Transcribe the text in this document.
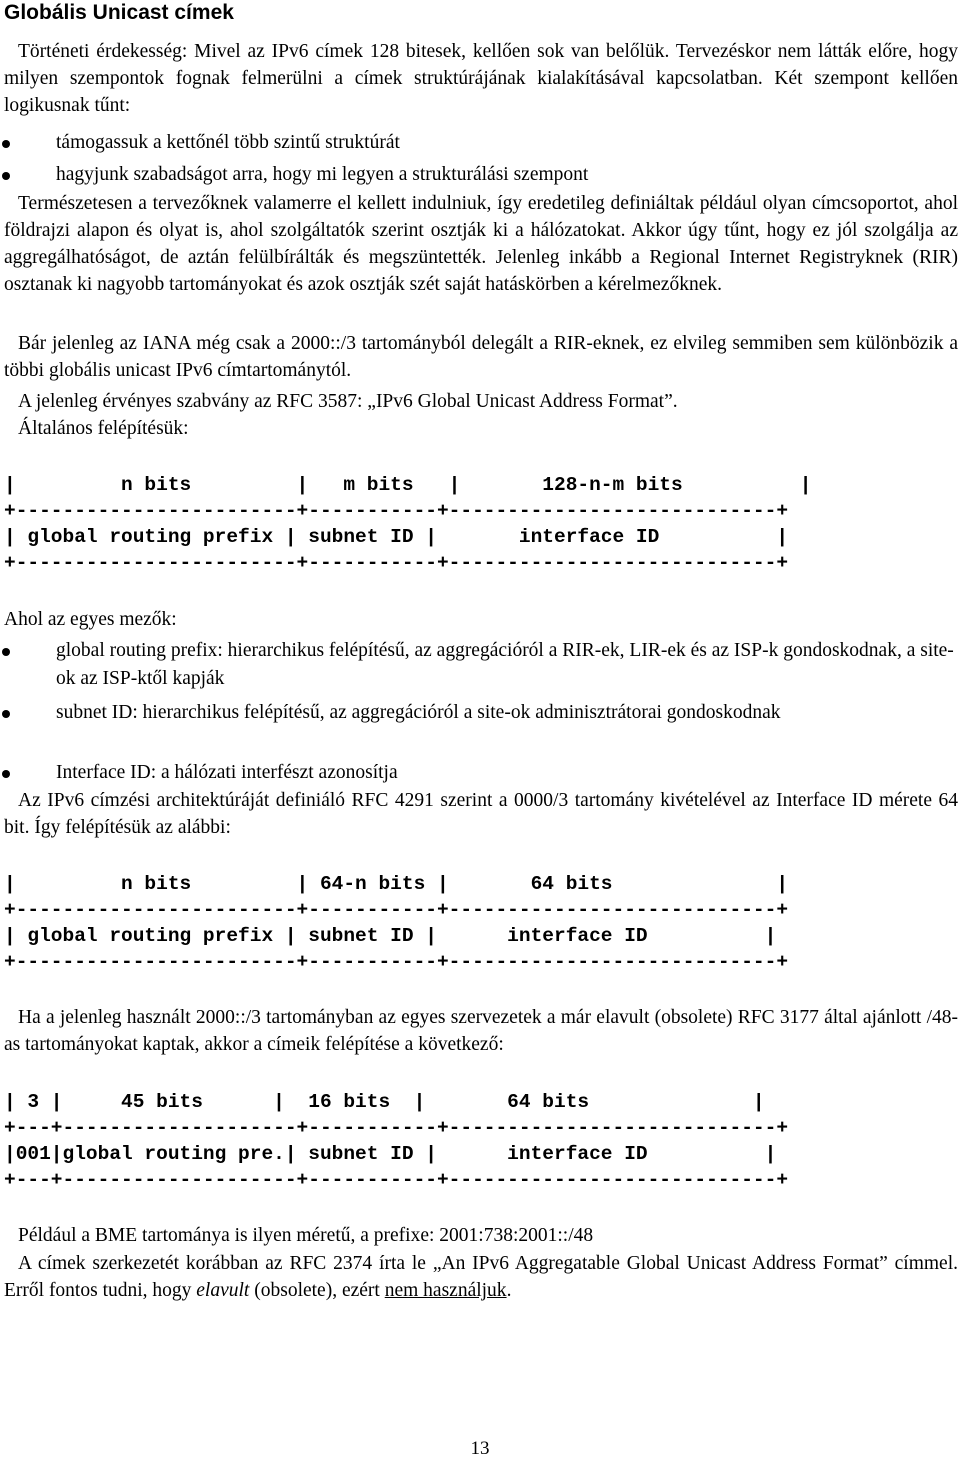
Globális Unicast címek

Történeti érdekesség: Mivel az IPv6 címek 128 bitesek, kellően sok van belőlük. Tervezéskor nem látták előre, hogy milyen szempontok fognak felmerülni a címek struktúrájának kialakításával kapcsolatban. Két szempont kellően logikusnak tűnt:

támogassuk a kettőnél több szintű struktúrát
hagyjunk szabadságot arra, hogy mi legyen a strukturálási szempont

Természetesen a tervezőknek valamerre el kellett indulniuk, így eredetileg definiáltak például olyan címcsoportot, ahol földrajzi alapon és olyat is, ahol szolgáltatók szerint osztják ki a hálózatokat. Akkor úgy tűnt, hogy ez jól szolgálja az aggregálhatóságot, de aztán felülbírálták és megszüntették. Jelenleg inkább a Regional Internet Registryknek (RIR) osztanak ki nagyobb tartományokat és azok osztják szét saját hatáskörben a kérelmezőknek.

Bár jelenleg az IANA még csak a 2000::/3 tartományból delegált a RIR-eknek, ez elvileg semmiben sem különbözik a többi globális unicast IPv6 címtartománytól.

A jelenleg érvényes szabvány az RFC 3587: „IPv6 Global Unicast Address Format”.

Általános felépítésük:

|         n bits         |   m bits   |       128-n-m bits          |
+------------------------+-----------+----------------------------+
| global routing prefix | subnet ID |       interface ID          |
+------------------------+-----------+----------------------------+

Ahol az egyes mezők:

global routing prefix: hierarchikus felépítésű, az aggregációról a RIR-ek, LIR-ek és az ISP-k gondoskodnak, a site-ok az ISP-ktől kapják
subnet ID: hierarchikus felépítésű, az aggregációról a site-ok adminisztrátorai gondoskodnak
Interface ID: a hálózati interfészt azonosítja

Az IPv6 címzési architektúráját definiáló RFC 4291 szerint a 0000/3 tartomány kivételével az Interface ID mérete 64 bit. Így felépítésük az alábbi:

|         n bits         | 64-n bits |       64 bits              |
+------------------------+-----------+----------------------------+
| global routing prefix | subnet ID |      interface ID          |
+------------------------+-----------+----------------------------+

Ha a jelenleg használt 2000::/3 tartományban az egyes szervezetek a már elavult (obsolete) RFC 3177 által ajánlott /48-as tartományokat kaptak, akkor a címeik felépítése a következő:

| 3 |     45 bits      |  16 bits  |       64 bits              |
+---+--------------------+-----------+----------------------------+
|001|global routing pre.| subnet ID |      interface ID          |
+---+--------------------+-----------+----------------------------+

Például a BME tartománya is ilyen méretű, a prefixe: 2001:738:2001::/48

A címek szerkezetét korábban az RFC 2374 írta le „An IPv6 Aggregatable Global Unicast Address Format” címmel. Erről fontos tudni, hogy elavult (obsolete), ezért nem használjuk.

13
